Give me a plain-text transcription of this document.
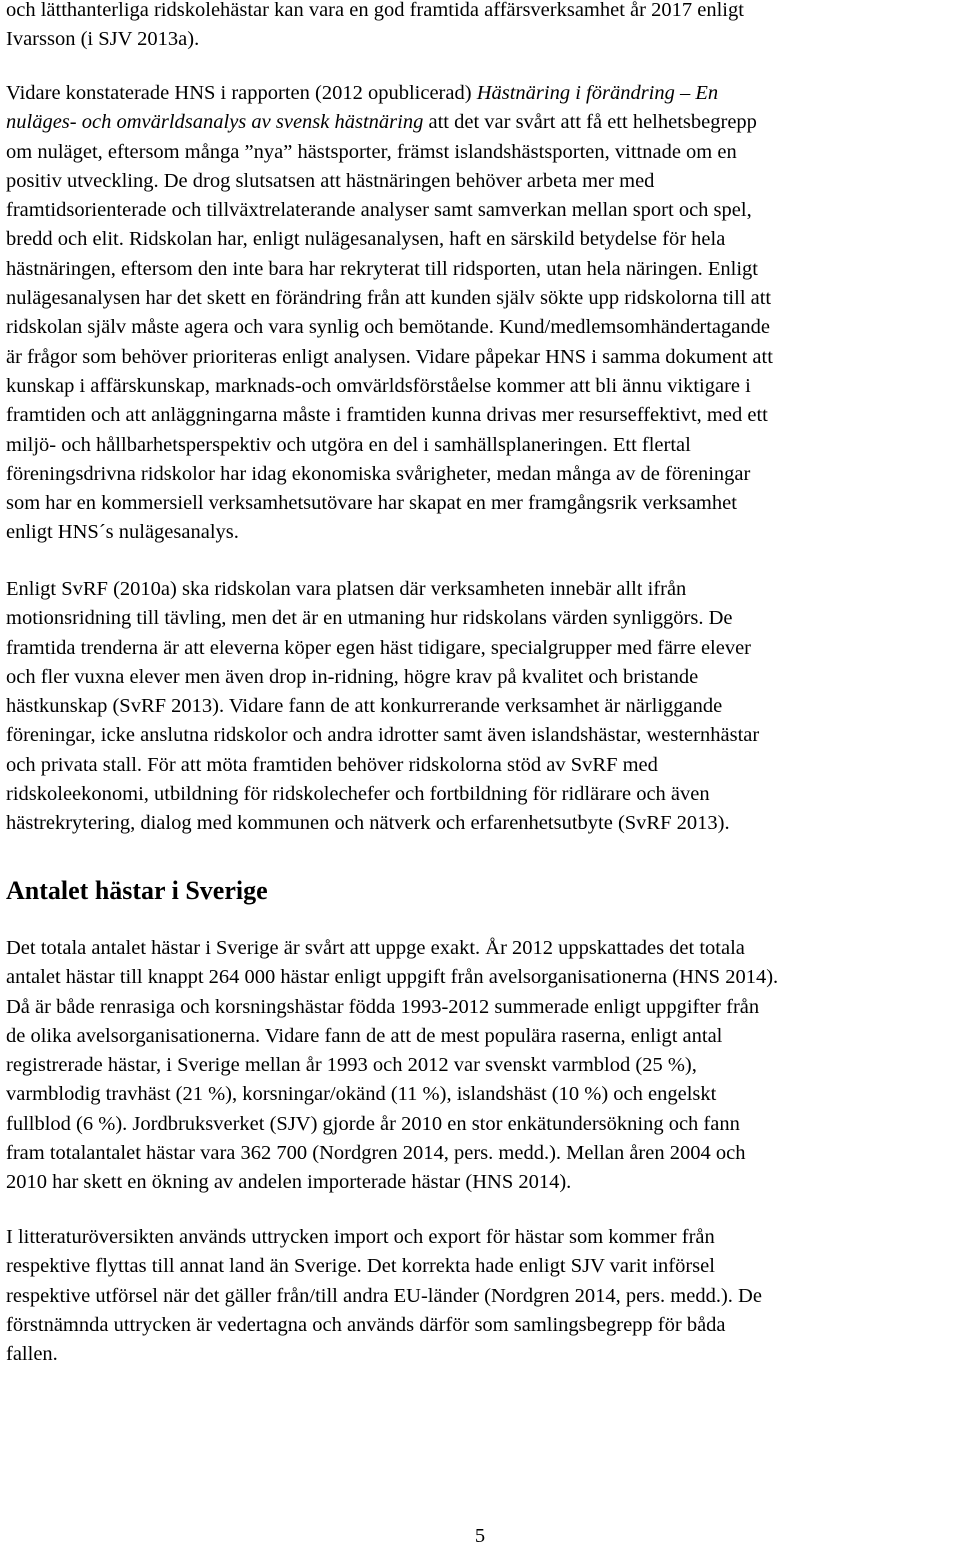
och lätthanterliga ridskolehästar kan vara en god framtida affärsverksamhet år 2017 enligt
Ivarsson (i SJV 2013a).
Vidare konstaterade HNS i rapporten (2012 opublicerad) Hästnäring i förändring – En
nuläges- och omvärldsanalys av svensk hästnäring att det var svårt att få ett helhetsbegrepp
om nuläget, eftersom många ”nya” hästsporter, främst islandshästsporten, vittnade om en
positiv utveckling. De drog slutsatsen att hästnäringen behöver arbeta mer med
framtidsorienterade och tillväxtrelaterande analyser samt samverkan mellan sport och spel,
bredd och elit. Ridskolan har, enligt nulägesanalysen, haft en särskild betydelse för hela
hästnäringen, eftersom den inte bara har rekryterat till ridsporten, utan hela näringen. Enligt
nulägesanalysen har det skett en förändring från att kunden själv sökte upp ridskolorna till att
ridskolan själv måste agera och vara synlig och bemötande. Kund/medlemsomhändertagande
är frågor som behöver prioriteras enligt analysen. Vidare påpekar HNS i samma dokument att
kunskap i affärskunskap, marknads-och omvärldsförståelse kommer att bli ännu viktigare i
framtiden och att anläggningarna måste i framtiden kunna drivas mer resurseffektivt, med ett
miljö- och hållbarhetsperspektiv och utgöra en del i samhällsplaneringen. Ett flertal
föreningsdrivna ridskolor har idag ekonomiska svårigheter, medan många av de föreningar
som har en kommersiell verksamhetsutövare har skapat en mer framgångsrik verksamhet
enligt HNS´s nulägesanalys.
Enligt SvRF (2010a) ska ridskolan vara platsen där verksamheten innebär allt ifrån
motionsridning till tävling, men det är en utmaning hur ridskolans värden synliggörs. De
framtida trenderna är att eleverna köper egen häst tidigare, specialgrupper med färre elever
och fler vuxna elever men även drop in-ridning, högre krav på kvalitet och bristande
hästkunskap (SvRF 2013). Vidare fann de att konkurrerande verksamhet är närliggande
föreningar, icke anslutna ridskolor och andra idrotter samt även islandshästar, westernhästar
och privata stall. För att möta framtiden behöver ridskolorna stöd av SvRF med
ridskoleekonomi, utbildning för ridskolechefer och fortbildning för ridlärare och även
hästrekrytering, dialog med kommunen och nätverk och erfarenhetsutbyte (SvRF 2013).
Antalet hästar i Sverige
Det totala antalet hästar i Sverige är svårt att uppge exakt. År 2012 uppskattades det totala
antalet hästar till knappt 264 000 hästar enligt uppgift från avelsorganisationerna (HNS 2014).
Då är både renrasiga och korsningshästar födda 1993-2012 summerade enligt uppgifter från
de olika avelsorganisationerna. Vidare fann de att de mest populära raserna, enligt antal
registrerade hästar, i Sverige mellan år 1993 och 2012 var svenskt varmblod (25 %),
varmblodig travhäst (21 %), korsningar/okänd (11 %), islandshäst (10 %) och engelskt
fullblod (6 %). Jordbruksverket (SJV) gjorde år 2010 en stor enkätundersökning och fann
fram totalantalet hästar vara 362 700 (Nordgren 2014, pers. medd.). Mellan åren 2004 och
2010 har skett en ökning av andelen importerade hästar (HNS 2014).
I litteraturöversikten används uttrycken import och export för hästar som kommer från
respektive flyttas till annat land än Sverige. Det korrekta hade enligt SJV varit införsel
respektive utförsel när det gäller från/till andra EU-länder (Nordgren 2014, pers. medd.). De
förstnämnda uttrycken är vedertagna och används därför som samlingsbegrepp för båda
fallen.
5
